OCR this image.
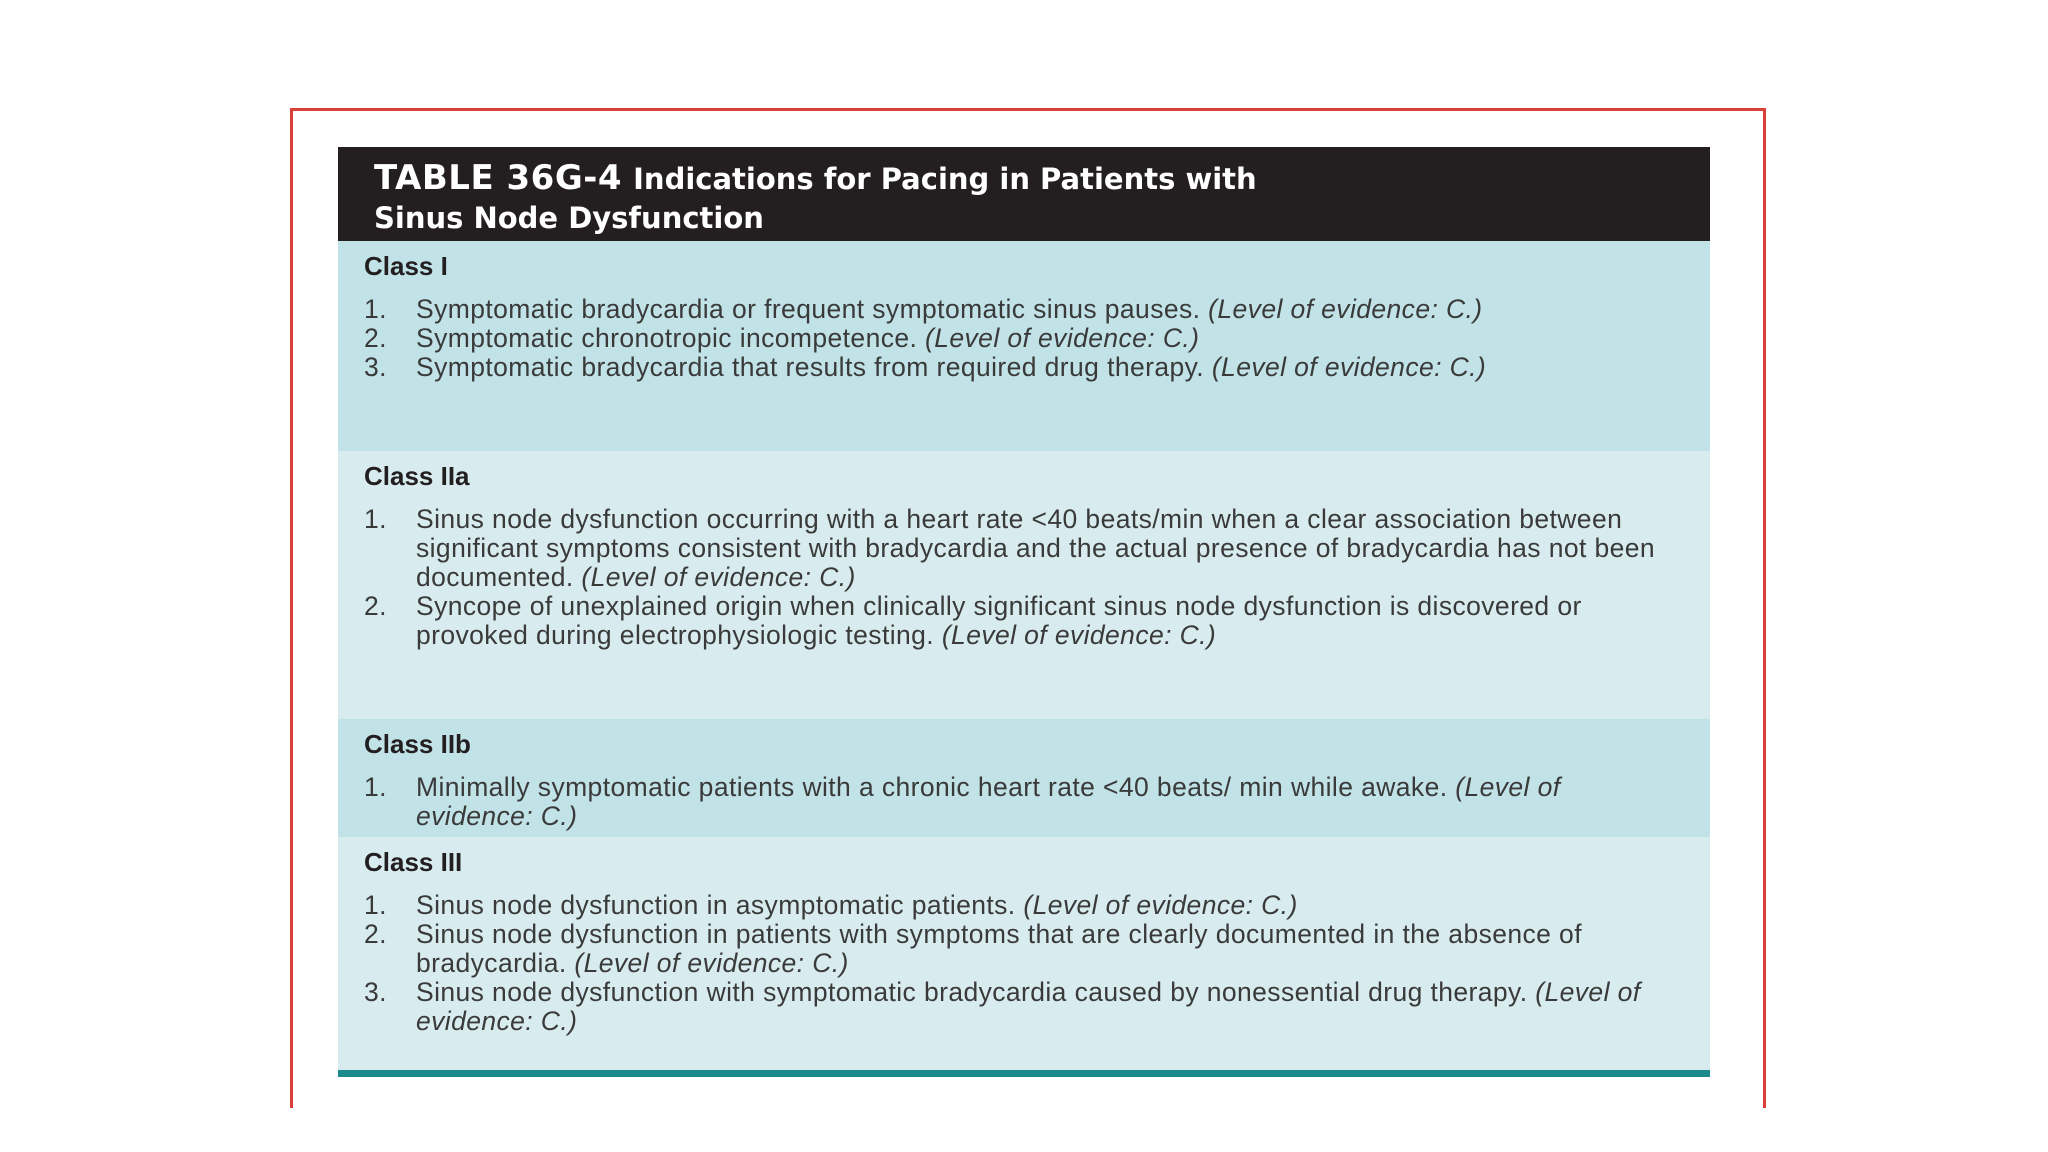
TABLE 36G-4 Indications for Pacing in Patients with
Sinus Node Dysfunction
Class I
1.	Symptomatic bradycardia or frequent symptomatic sinus pauses. (Level of evidence: C.)
2.	Symptomatic chronotropic incompetence. (Level of evidence: C.)
3.	Symptomatic bradycardia that results from required drug therapy. (Level of evidence: C.)
Class IIa
1.	Sinus node dysfunction occurring with a heart rate <40 beats/min when a clear association between significant symptoms consistent with bradycardia and the actual presence of bradycardia has not been documented. (Level of evidence: C.)
2.	Syncope of unexplained origin when clinically significant sinus node dysfunction is discovered or provoked during electrophysiologic testing. (Level of evidence: C.)
Class IIb
1.	Minimally symptomatic patients with a chronic heart rate <40 beats/ min while awake. (Level of evidence: C.)
Class III
1.	Sinus node dysfunction in asymptomatic patients. (Level of evidence: C.)
2.	Sinus node dysfunction in patients with symptoms that are clearly documented in the absence of bradycardia. (Level of evidence: C.)
3.	Sinus node dysfunction with symptomatic bradycardia caused by nonessential drug therapy. (Level of evidence: C.)
